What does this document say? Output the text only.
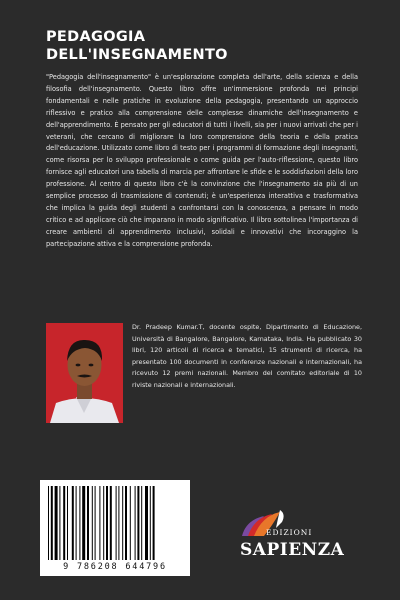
PEDAGOGIA
DELL'INSEGNAMENTO

"Pedagogia dell'insegnamento" è un'esplorazione completa dell'arte, della scienza e della filosofia dell'insegnamento. Questo libro offre un'immersione profonda nei principi fondamentali e nelle pratiche in evoluzione della pedagogia, presentando un approccio riflessivo e pratico alla comprensione delle complesse dinamiche dell'insegnamento e dell'apprendimento. È pensato per gli educatori di tutti i livelli, sia per i nuovi arrivati che per i veterani, che cercano di migliorare la loro comprensione della teoria e della pratica dell'educazione. Utilizzato come libro di testo per i programmi di formazione degli insegnanti, come risorsa per lo sviluppo professionale o come guida per l'auto-riflessione, questo libro fornisce agli educatori una tabella di marcia per affrontare le sfide e le soddisfazioni della loro professione. Al centro di questo libro c'è la convinzione che l'insegnamento sia più di un semplice processo di trasmissione di contenuti; è un'esperienza interattiva e trasformativa che implica la guida degli studenti a confrontarsi con la conoscenza, a pensare in modo critico e ad applicare ciò che imparano in modo significativo. Il libro sottolinea l'importanza di creare ambienti di apprendimento inclusivi, solidali e innovativi che incoraggino la partecipazione attiva e la comprensione profonda.

Dr. Pradeep Kumar.T, docente ospite, Dipartimento di Educazione, Università di Bangalore, Bangalore, Karnataka, India. Ha pubblicato 30 libri, 120 articoli di ricerca e tematici, 15 strumenti di ricerca, ha presentato 100 documenti in conferenze nazionali e internazionali, ha ricevuto 12 premi nazionali. Membro del comitato editoriale di 10 riviste nazionali e internazionali.

9 786208 644796
EDIZIONI
SAPIENZA
